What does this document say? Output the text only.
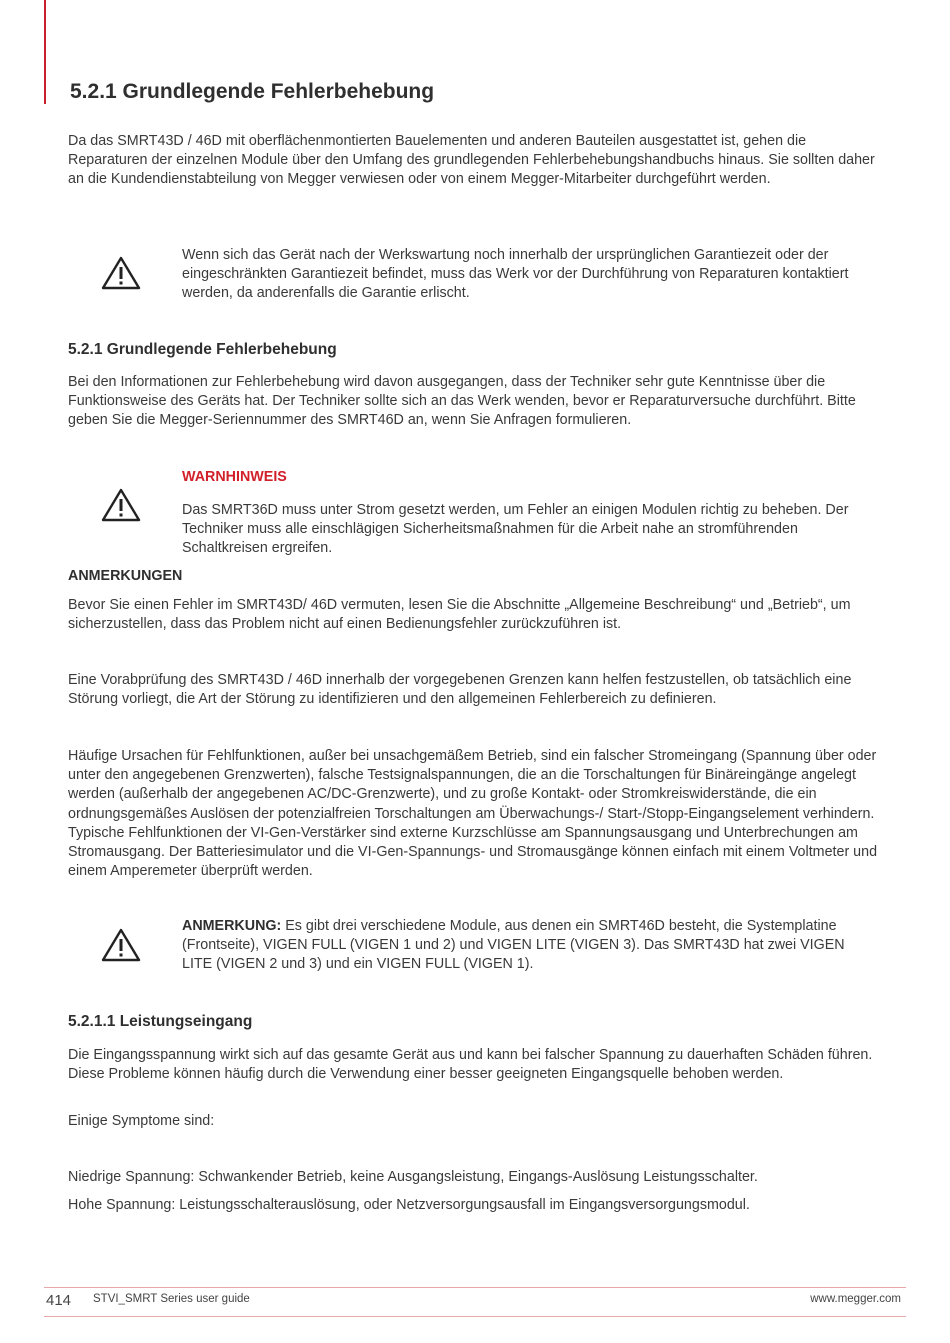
5.2.1 Grundlegende Fehlerbehebung

Da das SMRT43D / 46D mit oberflächenmontierten Bauelementen und anderen Bauteilen ausgestattet ist, gehen die Reparaturen der einzelnen Module über den Umfang des grundlegenden Fehlerbehebungshandbuchs hinaus. Sie sollten daher an die Kundendienstabteilung von Megger verwiesen oder von einem Megger-Mitarbeiter durchgeführt werden.

Wenn sich das Gerät nach der Werkswartung noch innerhalb der ursprünglichen Garantiezeit oder der eingeschränkten Garantiezeit befindet, muss das Werk vor der Durchführung von Reparaturen kontaktiert werden, da anderenfalls die Garantie erlischt.

5.2.1 Grundlegende Fehlerbehebung

Bei den Informationen zur Fehlerbehebung wird davon ausgegangen, dass der Techniker sehr gute Kenntnisse über die Funktionsweise des Geräts hat. Der Techniker sollte sich an das Werk wenden, bevor er Reparaturversuche durchführt. Bitte geben Sie die Megger-Seriennummer des SMRT46D an, wenn Sie Anfragen formulieren.

WARNHINWEIS

Das SMRT36D muss unter Strom gesetzt werden, um Fehler an einigen Modulen richtig zu beheben. Der Techniker muss alle einschlägigen Sicherheitsmaßnahmen für die Arbeit nahe an stromführenden Schaltkreisen ergreifen.

ANMERKUNGEN

Bevor Sie einen Fehler im SMRT43D/ 46D vermuten, lesen Sie die Abschnitte „Allgemeine Beschreibung“ und „Betrieb“, um sicherzustellen, dass das Problem nicht auf einen Bedienungsfehler zurückzuführen ist.

Eine Vorabprüfung des SMRT43D / 46D innerhalb der vorgegebenen Grenzen kann helfen festzustellen, ob tatsächlich eine Störung vorliegt, die Art der Störung zu identifizieren und den allgemeinen Fehlerbereich zu definieren.

Häufige Ursachen für Fehlfunktionen, außer bei unsachgemäßem Betrieb, sind ein falscher Stromeingang (Spannung über oder unter den angegebenen Grenzwerten), falsche Testsignalspannungen, die an die Torschaltungen für Binäreingänge angelegt werden (außerhalb der angegebenen AC/DC-Grenzwerte), und zu große Kontakt- oder Stromkreiswiderstände, die ein ordnungsgemäßes Auslösen der potenzialfreien Torschaltungen am Überwachungs-/ Start-/Stopp-Eingangselement verhindern. Typische Fehlfunktionen der VI-Gen-Verstärker sind externe Kurzschlüsse am Spannungsausgang und Unterbrechungen am Stromausgang. Der Batteriesimulator und die VI-Gen-Spannungs- und Stromausgänge können einfach mit einem Voltmeter und einem Amperemeter überprüft werden.

ANMERKUNG: Es gibt drei verschiedene Module, aus denen ein SMRT46D besteht, die Systemplatine (Frontseite), VIGEN FULL (VIGEN 1 und 2) und VIGEN LITE (VIGEN 3). Das SMRT43D hat zwei VIGEN LITE (VIGEN 2 und 3) und ein VIGEN FULL (VIGEN 1).

5.2.1.1 Leistungseingang

Die Eingangsspannung wirkt sich auf das gesamte Gerät aus und kann bei falscher Spannung zu dauerhaften Schäden führen. Diese Probleme können häufig durch die Verwendung einer besser geeigneten Eingangsquelle behoben werden.

Einige Symptome sind:

Niedrige Spannung: Schwankender Betrieb, keine Ausgangsleistung, Eingangs-Auslösung Leistungsschalter.

Hohe Spannung: Leistungsschalterauslösung, oder Netzversorgungsausfall im Eingangsversorgungsmodul.

414 STVI_SMRT Series user guide	www.megger.com
